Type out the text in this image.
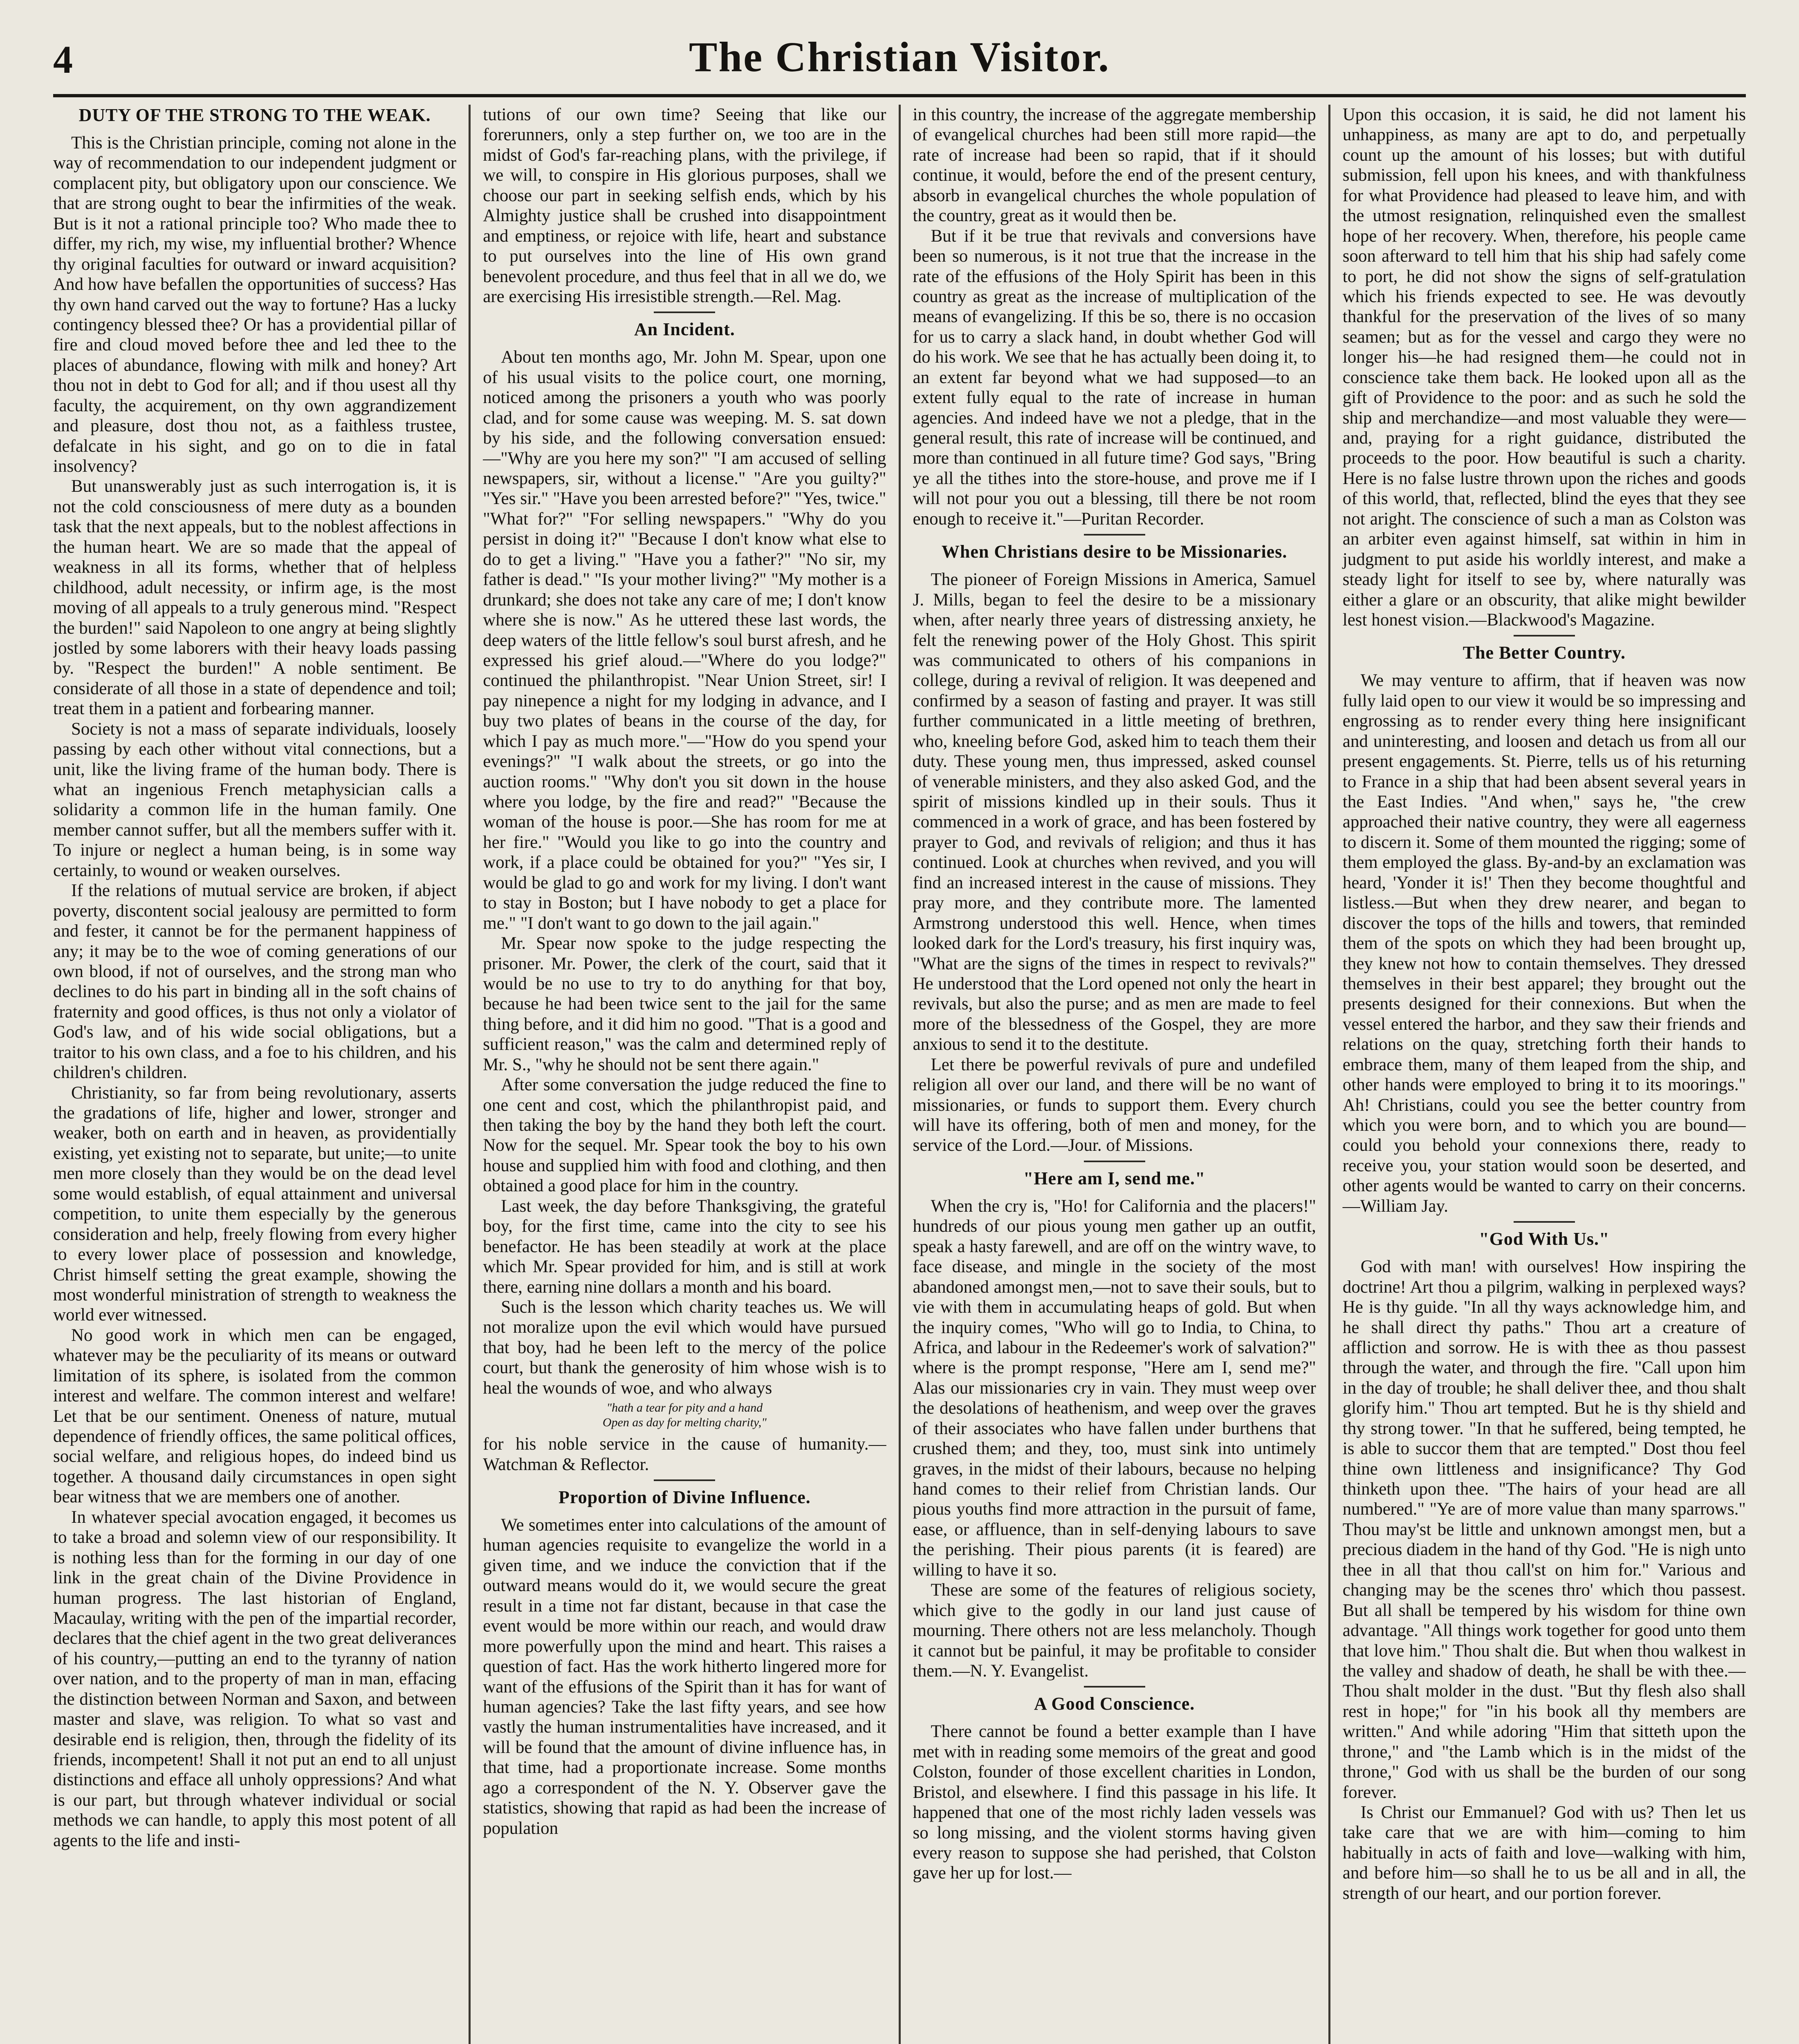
4	The Christian Visitor.
DUTY OF THE STRONG TO THE WEAK.

This is the Christian principle, coming not alone in the way of recommendation to our independent judgment or complacent pity, but obligatory upon our conscience. We that are strong ought to bear the infirmities of the weak. But is it not a rational principle too? Who made thee to differ, my rich, my wise, my influential brother? Whence thy original faculties for outward or inward acquisition? And how have befallen the opportunities of success? Has thy own hand carved out the way to fortune? Has a lucky contingency blessed thee? Or has a providential pillar of fire and cloud moved before thee and led thee to the places of abundance, flowing with milk and honey? Art thou not in debt to God for all; and if thou usest all thy faculty, the acquirement, on thy own aggrandizement and pleasure, dost thou not, as a faithless trustee, defalcate in his sight, and go on to die in fatal insolvency?

But unanswerably just as such interrogation is, it is not the cold consciousness of mere duty as a bounden task that the next appeals, but to the noblest affections in the human heart. We are so made that the appeal of weakness in all its forms, whether that of helpless childhood, adult necessity, or infirm age, is the most moving of all appeals to a truly generous mind. "Respect the burden!" said Napoleon to one angry at being slightly jostled by some laborers with their heavy loads passing by. "Respect the burden!" A noble sentiment. Be considerate of all those in a state of dependence and toil; treat them in a patient and forbearing manner.

Society is not a mass of separate individuals, loosely passing by each other without vital connections, but a unit, like the living frame of the human body. There is what an ingenious French metaphysician calls a solidarity a common life in the human family. One member cannot suffer, but all the members suffer with it. To injure or neglect a human being, is in some way certainly, to wound or weaken ourselves.

If the relations of mutual service are broken, if abject poverty, discontent social jealousy are permitted to form and fester, it cannot be for the permanent happiness of any; it may be to the woe of coming generations of our own blood, if not of ourselves, and the strong man who declines to do his part in binding all in the soft chains of fraternity and good offices, is thus not only a violator of God's law, and of his wide social obligations, but a traitor to his own class, and a foe to his children, and his children's children.

Christianity, so far from being revolutionary, asserts the gradations of life, higher and lower, stronger and weaker, both on earth and in heaven, as providentially existing, yet existing not to separate, but unite;—to unite men more closely than they would be on the dead level some would establish, of equal attainment and universal competition, to unite them especially by the generous consideration and help, freely flowing from every higher to every lower place of possession and knowledge, Christ himself setting the great example, showing the most wonderful ministration of strength to weakness the world ever witnessed.

No good work in which men can be engaged, whatever may be the peculiarity of its means or outward limitation of its sphere, is isolated from the common interest and welfare. The common interest and welfare! Let that be our sentiment. Oneness of nature, mutual dependence of friendly offices, the same political offices, social welfare, and religious hopes, do indeed bind us together. A thousand daily circumstances in open sight bear witness that we are members one of another.

In whatever special avocation engaged, it becomes us to take a broad and solemn view of our responsibility. It is nothing less than for the forming in our day of one link in the great chain of the Divine Providence in human progress. The last historian of England, Macaulay, writing with the pen of the impartial recorder, declares that the chief agent in the two great deliverances of his country,—putting an end to the tyranny of nation over nation, and to the property of man in man, effacing the distinction between Norman and Saxon, and between master and slave, was religion. To what so vast and desirable end is religion, then, through the fidelity of its friends, incompetent! Shall it not put an end to all unjust distinctions and efface all unholy oppressions? And what is our part, but through whatever individual or social methods we can handle, to apply this most potent of all agents to the life and insti-

tutions of our own time? Seeing that like our forerunners, only a step further on, we too are in the midst of God's far-reaching plans, with the privilege, if we will, to conspire in His glorious purposes, shall we choose our part in seeking selfish ends, which by his Almighty justice shall be crushed into disappointment and emptiness, or rejoice with life, heart and substance to put ourselves into the line of His own grand benevolent procedure, and thus feel that in all we do, we are exercising His irresistible strength.—Rel. Mag.

An Incident.

About ten months ago, Mr. John M. Spear, upon one of his usual visits to the police court, one morning, noticed among the prisoners a youth who was poorly clad, and for some cause was weeping. M. S. sat down by his side, and the following conversation ensued:—"Why are you here my son?" "I am accused of selling newspapers, sir, without a license." "Are you guilty?" "Yes sir." "Have you been arrested before?" "Yes, twice." "What for?" "For selling newspapers." "Why do you persist in doing it?" "Because I don't know what else to do to get a living." "Have you a father?" "No sir, my father is dead." "Is your mother living?" "My mother is a drunkard; she does not take any care of me; I don't know where she is now." As he uttered these last words, the deep waters of the little fellow's soul burst afresh, and he expressed his grief aloud.—"Where do you lodge?" continued the philanthropist. "Near Union Street, sir! I pay ninepence a night for my lodging in advance, and I buy two plates of beans in the course of the day, for which I pay as much more."—"How do you spend your evenings?" "I walk about the streets, or go into the auction rooms." "Why don't you sit down in the house where you lodge, by the fire and read?" "Because the woman of the house is poor.—She has room for me at her fire." "Would you like to go into the country and work, if a place could be obtained for you?" "Yes sir, I would be glad to go and work for my living. I don't want to stay in Boston; but I have nobody to get a place for me." "I don't want to go down to the jail again."

Mr. Spear now spoke to the judge respecting the prisoner. Mr. Power, the clerk of the court, said that it would be no use to try to do anything for that boy, because he had been twice sent to the jail for the same thing before, and it did him no good. "That is a good and sufficient reason," was the calm and determined reply of Mr. S., "why he should not be sent there again."

After some conversation the judge reduced the fine to one cent and cost, which the philanthropist paid, and then taking the boy by the hand they both left the court. Now for the sequel. Mr. Spear took the boy to his own house and supplied him with food and clothing, and then obtained a good place for him in the country.

Last week, the day before Thanksgiving, the grateful boy, for the first time, came into the city to see his benefactor. He has been steadily at work at the place which Mr. Spear provided for him, and is still at work there, earning nine dollars a month and his board.

Such is the lesson which charity teaches us. We will not moralize upon the evil which would have pursued that boy, had he been left to the mercy of the police court, but thank the generosity of him whose wish is to heal the wounds of woe, and who always

"hath a tear for pity and a hand

Open as day for melting charity,"

for his noble service in the cause of humanity.—Watchman & Reflector.

Proportion of Divine Influence.

We sometimes enter into calculations of the amount of human agencies requisite to evangelize the world in a given time, and we induce the conviction that if the outward means would do it, we would secure the great result in a time not far distant, because in that case the event would be more within our reach, and would draw more powerfully upon the mind and heart. This raises a question of fact. Has the work hitherto lingered more for want of the effusions of the Spirit than it has for want of human agencies? Take the last fifty years, and see how vastly the human instrumentalities have increased, and it will be found that the amount of divine influence has, in that time, had a proportionate increase. Some months ago a correspondent of the N. Y. Observer gave the statistics, showing that rapid as had been the increase of population

in this country, the increase of the aggregate membership of evangelical churches had been still more rapid—the rate of increase had been so rapid, that if it should continue, it would, before the end of the present century, absorb in evangelical churches the whole population of the country, great as it would then be.

But if it be true that revivals and conversions have been so numerous, is it not true that the increase in the rate of the effusions of the Holy Spirit has been in this country as great as the increase of multiplication of the means of evangelizing. If this be so, there is no occasion for us to carry a slack hand, in doubt whether God will do his work. We see that he has actually been doing it, to an extent far beyond what we had supposed—to an extent fully equal to the rate of increase in human agencies. And indeed have we not a pledge, that in the general result, this rate of increase will be continued, and more than continued in all future time? God says, "Bring ye all the tithes into the store-house, and prove me if I will not pour you out a blessing, till there be not room enough to receive it."—Puritan Recorder.

When Christians desire to be Missionaries.

The pioneer of Foreign Missions in America, Samuel J. Mills, began to feel the desire to be a missionary when, after nearly three years of distressing anxiety, he felt the renewing power of the Holy Ghost. This spirit was communicated to others of his companions in college, during a revival of religion. It was deepened and confirmed by a season of fasting and prayer. It was still further communicated in a little meeting of brethren, who, kneeling before God, asked him to teach them their duty. These young men, thus impressed, asked counsel of venerable ministers, and they also asked God, and the spirit of missions kindled up in their souls. Thus it commenced in a work of grace, and has been fostered by prayer to God, and revivals of religion; and thus it has continued. Look at churches when revived, and you will find an increased interest in the cause of missions. They pray more, and they contribute more. The lamented Armstrong understood this well. Hence, when times looked dark for the Lord's treasury, his first inquiry was, "What are the signs of the times in respect to revivals?" He understood that the Lord opened not only the heart in revivals, but also the purse; and as men are made to feel more of the blessedness of the Gospel, they are more anxious to send it to the destitute.

Let there be powerful revivals of pure and undefiled religion all over our land, and there will be no want of missionaries, or funds to support them. Every church will have its offering, both of men and money, for the service of the Lord.—Jour. of Missions.

"Here am I, send me."

When the cry is, "Ho! for California and the placers!" hundreds of our pious young men gather up an outfit, speak a hasty farewell, and are off on the wintry wave, to face disease, and mingle in the society of the most abandoned amongst men,—not to save their souls, but to vie with them in accumulating heaps of gold. But when the inquiry comes, "Who will go to India, to China, to Africa, and labour in the Redeemer's work of salvation?" where is the prompt response, "Here am I, send me?" Alas our missionaries cry in vain. They must weep over the desolations of heathenism, and weep over the graves of their associates who have fallen under burthens that crushed them; and they, too, must sink into untimely graves, in the midst of their labours, because no helping hand comes to their relief from Christian lands. Our pious youths find more attraction in the pursuit of fame, ease, or affluence, than in self-denying labours to save the perishing. Their pious parents (it is feared) are willing to have it so.

These are some of the features of religious society, which give to the godly in our land just cause of mourning. There others not are less melancholy. Though it cannot but be painful, it may be profitable to consider them.—N. Y. Evangelist.

A Good Conscience.

There cannot be found a better example than I have met with in reading some memoirs of the great and good Colston, founder of those excellent charities in London, Bristol, and elsewhere. I find this passage in his life. It happened that one of the most richly laden vessels was so long missing, and the violent storms having given every reason to suppose she had perished, that Colston gave her up for lost.—

Upon this occasion, it is said, he did not lament his unhappiness, as many are apt to do, and perpetually count up the amount of his losses; but with dutiful submission, fell upon his knees, and with thankfulness for what Providence had pleased to leave him, and with the utmost resignation, relinquished even the smallest hope of her recovery. When, therefore, his people came soon afterward to tell him that his ship had safely come to port, he did not show the signs of self-gratulation which his friends expected to see. He was devoutly thankful for the preservation of the lives of so many seamen; but as for the vessel and cargo they were no longer his—he had resigned them—he could not in conscience take them back. He looked upon all as the gift of Providence to the poor: and as such he sold the ship and merchandize—and most valuable they were—and, praying for a right guidance, distributed the proceeds to the poor. How beautiful is such a charity. Here is no false lustre thrown upon the riches and goods of this world, that, reflected, blind the eyes that they see not aright. The conscience of such a man as Colston was an arbiter even against himself, sat within in him in judgment to put aside his worldly interest, and make a steady light for itself to see by, where naturally was either a glare or an obscurity, that alike might bewilder lest honest vision.—Blackwood's Magazine.

The Better Country.

We may venture to affirm, that if heaven was now fully laid open to our view it would be so impressing and engrossing as to render every thing here insignificant and uninteresting, and loosen and detach us from all our present engagements. St. Pierre, tells us of his returning to France in a ship that had been absent several years in the East Indies. "And when," says he, "the crew approached their native country, they were all eagerness to discern it. Some of them mounted the rigging; some of them employed the glass. By-and-by an exclamation was heard, 'Yonder it is!' Then they become thoughtful and listless.—But when they drew nearer, and began to discover the tops of the hills and towers, that reminded them of the spots on which they had been brought up, they knew not how to contain themselves. They dressed themselves in their best apparel; they brought out the presents designed for their connexions. But when the vessel entered the harbor, and they saw their friends and relations on the quay, stretching forth their hands to embrace them, many of them leaped from the ship, and other hands were employed to bring it to its moorings." Ah! Christians, could you see the better country from which you were born, and to which you are bound—could you behold your connexions there, ready to receive you, your station would soon be deserted, and other agents would be wanted to carry on their concerns.—William Jay.

"God With Us."

God with man! with ourselves! How inspiring the doctrine! Art thou a pilgrim, walking in perplexed ways? He is thy guide. "In all thy ways acknowledge him, and he shall direct thy paths." Thou art a creature of affliction and sorrow. He is with thee as thou passest through the water, and through the fire. "Call upon him in the day of trouble; he shall deliver thee, and thou shalt glorify him." Thou art tempted. But he is thy shield and thy strong tower. "In that he suffered, being tempted, he is able to succor them that are tempted." Dost thou feel thine own littleness and insignificance? Thy God thinketh upon thee. "The hairs of your head are all numbered." "Ye are of more value than many sparrows." Thou may'st be little and unknown amongst men, but a precious diadem in the hand of thy God. "He is nigh unto thee in all that thou call'st on him for." Various and changing may be the scenes thro' which thou passest. But all shall be tempered by his wisdom for thine own advantage. "All things work together for good unto them that love him." Thou shalt die. But when thou walkest in the valley and shadow of death, he shall be with thee.—Thou shalt molder in the dust. "But thy flesh also shall rest in hope;" for "in his book all thy members are written." And while adoring "Him that sitteth upon the throne," and "the Lamb which is in the midst of the throne," God with us shall be the burden of our song forever.

Is Christ our Emmanuel? God with us? Then let us take care that we are with him—coming to him habitually in acts of faith and love—walking with him, and before him—so shall he to us be all and in all, the strength of our heart, and our portion forever.
